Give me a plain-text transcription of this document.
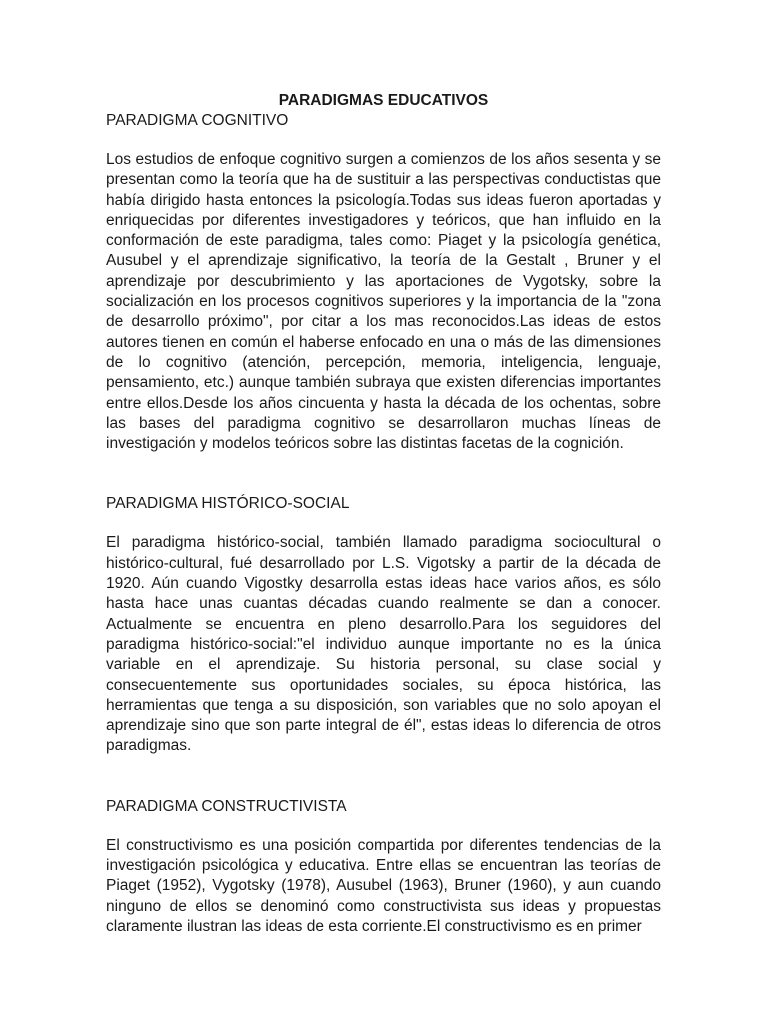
PARADIGMAS EDUCATIVOS
PARADIGMA COGNITIVO

Los estudios de enfoque cognitivo surgen a comienzos de los años sesenta y se presentan como la teoría que ha de sustituir a las perspectivas conductistas que había dirigido hasta entonces la psicología.Todas sus ideas fueron aportadas y enriquecidas por diferentes investigadores y teóricos, que han influido en la conformación de este paradigma, tales como: Piaget y la psicología genética, Ausubel y el aprendizaje significativo, la teoría de la Gestalt , Bruner y el aprendizaje por descubrimiento y las aportaciones de Vygotsky, sobre la socialización en los procesos cognitivos superiores y la importancia de la "zona de desarrollo próximo", por citar a los mas reconocidos.Las ideas de estos autores tienen en común el haberse enfocado en una o más de las dimensiones de lo cognitivo (atención, percepción, memoria, inteligencia, lenguaje, pensamiento, etc.) aunque también subraya que existen diferencias importantes entre ellos.Desde los años cincuenta y hasta la década de los ochentas, sobre las bases del paradigma cognitivo se desarrollaron muchas líneas de investigación y modelos teóricos sobre las distintas facetas de la cognición.

PARADIGMA HISTÓRICO-SOCIAL

El paradigma histórico-social, también llamado paradigma sociocultural o histórico-cultural, fué desarrollado por L.S. Vigotsky a partir de la década de 1920. Aún cuando Vigostky desarrolla estas ideas hace varios años, es sólo hasta hace unas cuantas décadas cuando realmente se dan a conocer. Actualmente se encuentra en pleno desarrollo.Para los seguidores del paradigma histórico-social:"el individuo aunque importante no es la única variable en el aprendizaje. Su historia personal, su clase social y consecuentemente sus oportunidades sociales, su época histórica, las herramientas que tenga a su disposición, son variables que no solo apoyan el aprendizaje sino que son parte integral de él", estas ideas lo diferencia de otros paradigmas.

PARADIGMA CONSTRUCTIVISTA

El constructivismo es una posición compartida por diferentes tendencias de la investigación psicológica y educativa. Entre ellas se encuentran las teorías de Piaget (1952), Vygotsky (1978), Ausubel (1963), Bruner (1960), y aun cuando ninguno de ellos se denominó como constructivista sus ideas y propuestas claramente ilustran las ideas de esta corriente.El constructivismo es en primer
